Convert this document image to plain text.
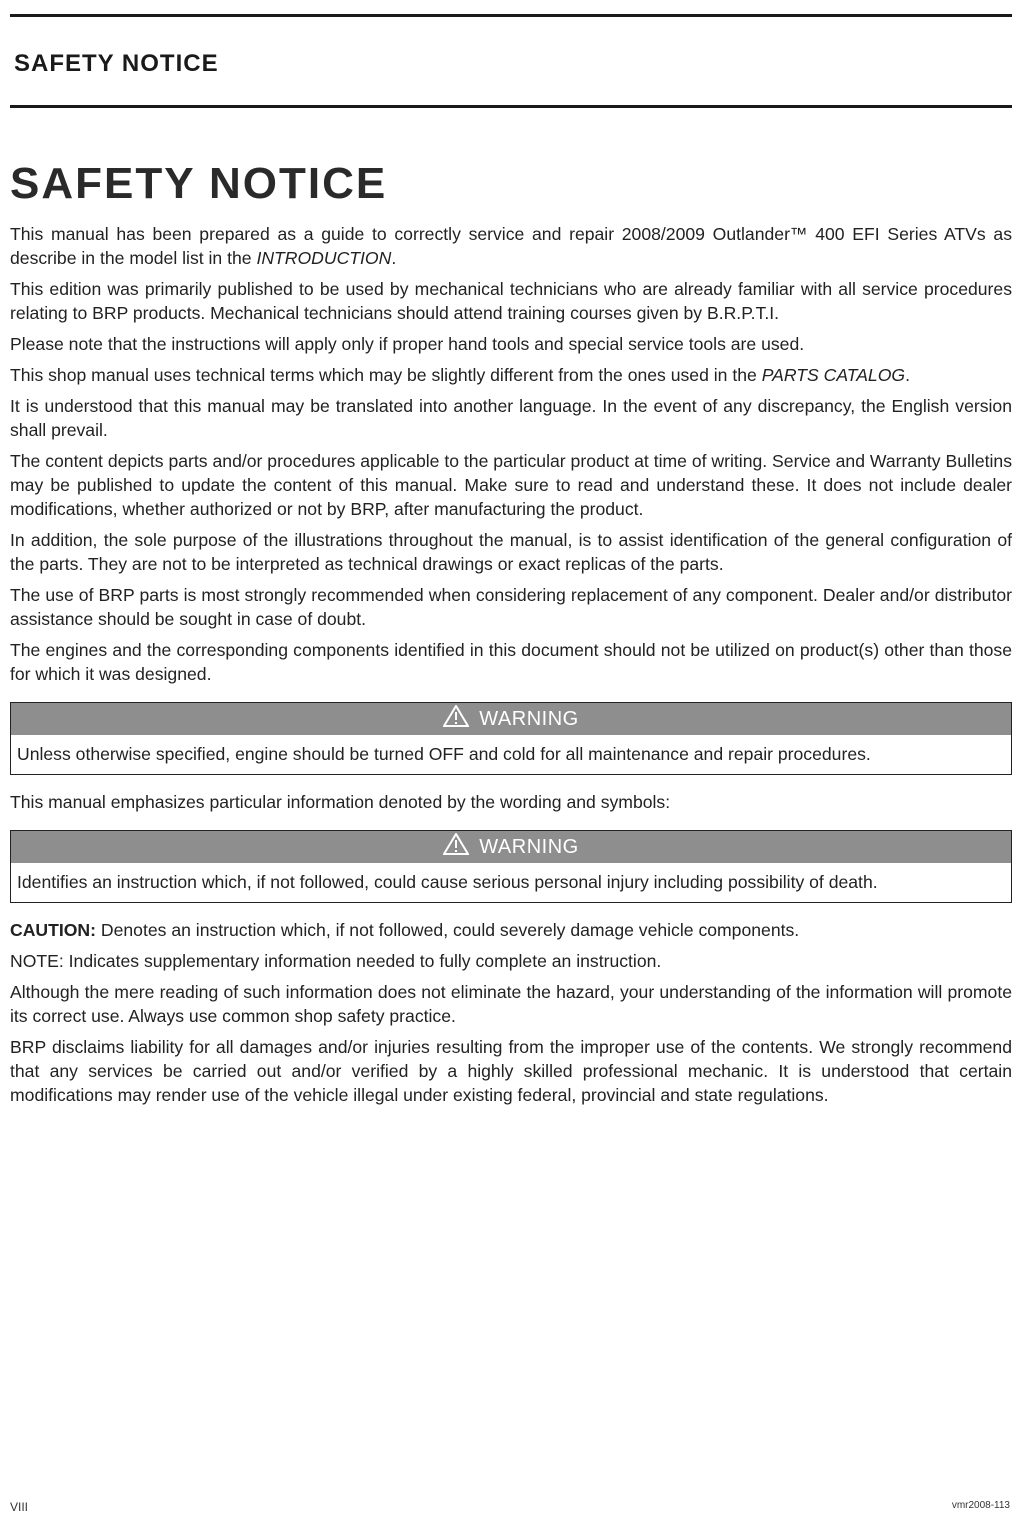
SAFETY NOTICE
SAFETY NOTICE

This manual has been prepared as a guide to correctly service and repair 2008/2009 Outlander™ 400 EFI Series ATVs as describe in the model list in the INTRODUCTION.

This edition was primarily published to be used by mechanical technicians who are already familiar with all service procedures relating to BRP products. Mechanical technicians should attend training courses given by B.R.P.T.I.

Please note that the instructions will apply only if proper hand tools and special service tools are used.

This shop manual uses technical terms which may be slightly different from the ones used in the PARTS CATALOG.

It is understood that this manual may be translated into another language. In the event of any discrepancy, the English version shall prevail.

The content depicts parts and/or procedures applicable to the particular product at time of writing. Service and Warranty Bulletins may be published to update the content of this manual. Make sure to read and understand these. It does not include dealer modifications, whether authorized or not by BRP, after manufacturing the product.

In addition, the sole purpose of the illustrations throughout the manual, is to assist identification of the general configuration of the parts. They are not to be interpreted as technical drawings or exact replicas of the parts.

The use of BRP parts is most strongly recommended when considering replacement of any component. Dealer and/or distributor assistance should be sought in case of doubt.

The engines and the corresponding components identified in this document should not be utilized on product(s) other than those for which it was designed.

WARNING
Unless otherwise specified, engine should be turned OFF and cold for all maintenance and repair procedures.

This manual emphasizes particular information denoted by the wording and symbols:

WARNING
Identifies an instruction which, if not followed, could cause serious personal injury including possibility of death.

CAUTION: Denotes an instruction which, if not followed, could severely damage vehicle components.

NOTE: Indicates supplementary information needed to fully complete an instruction.

Although the mere reading of such information does not eliminate the hazard, your understanding of the information will promote its correct use. Always use common shop safety practice.

BRP disclaims liability for all damages and/or injuries resulting from the improper use of the contents. We strongly recommend that any services be carried out and/or verified by a highly skilled professional mechanic. It is understood that certain modifications may render use of the vehicle illegal under existing federal, provincial and state regulations.

VIII	vmr2008-113
